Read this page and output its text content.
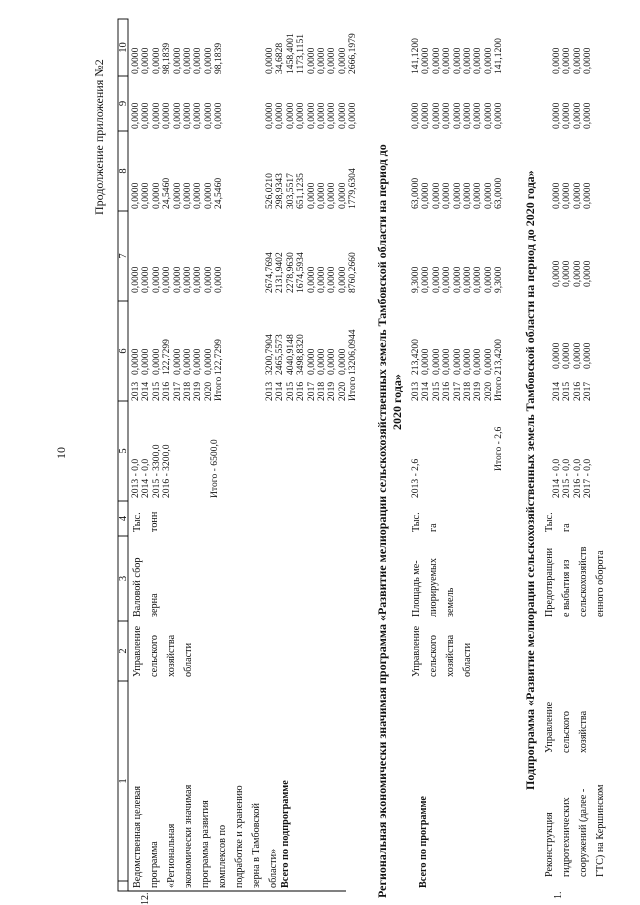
10
Продолжение приложения №2
1
2
3
4
5
6
7
8
9
10
12.
Ведомственная целевая
программа
«Региональная
экономически значимая
программа развития
комплексов по
подработке и хранению
зерна в Тамбовской
области»
Управление
сельского
хозяйства
области
Валовой сбор
зерна
Тыс.
тонн
2013 - 0,0
2014 - 0,0
2015 - 3300,0
2016 - 3200,0	Итого - 6500,0
2013
2014
2015
2016
2017
2018
2019
2020
Итого
0,0000
0,0000
0,0000
122,7299
0,0000
0,0000
0,0000
0,0000
122,7299
0,0000
0,0000
0,0000
0,0000
0,0000
0,0000
0,0000
0,0000
0,0000
0,0000
0,0000
0,0000
24,5460
0,0000
0,0000
0,0000
0,0000
24,5460
0,0000
0,0000
0,0000
0,0000
0,0000
0,0000
0,0000
0,0000
0,0000
0,0000
0,0000
0,0000
98,1839
0,0000
0,0000
0,0000
0,0000
98,1839
Всего по подпрограмме
2013
2014
2015
2016
2017
2018
2019
2020
Итого
3200,7904
2465,5573
4040,9148
3498,8320
0,0000
0,0000
0,0000
0,0000
13206,0944
2674,7694
2131,9402
2278,9630
1674,5934
0,0000
0,0000
0,0000
0,0000
8760,2660
526,0210
298,9343
303,5517
651,1235
0,0000
0,0000
0,0000
0,0000
1779,6304
0,0000
0,0000
0,0000
0,0000
0,0000
0,0000
0,0000
0,0000
0,0000
0,0000
34,6828
1458,4001
1173,1151
0,0000
0,0000
0,0000
0,0000
2666,1979
Региональная экономически значимая программа «Развитие мелиорации сельскохозяйственных земель Тамбовской области на период до 2020 года»
Всего по программе
Управление
сельского
хозяйства
области
Площадь ме-
лиорируемых
земель
Тыс.
га
2013 - 2,6
Итого - 2,6
2013
2014
2015
2016
2017
2018
2019
2020
Итого
213,4200
0,0000
0,0000
0,0000
0,0000
0,0000
0,0000
0,0000
213,4200
9,3000
0,0000
0,0000
0,0000
0,0000
0,0000
0,0000
0,0000
9,3000
63,0000
0,0000
0,0000
0,0000
0,0000
0,0000
0,0000
0,0000
63,0000
0,0000
0,0000
0,0000
0,0000
0,0000
0,0000
0,0000
0,0000
0,0000
141,1200
0,0000
0,0000
0,0000
0,0000
0,0000
0,0000
0,0000
141,1200
Подпрограмма «Развитие мелиорации сельскохозяйственных земель Тамбовской области на период до 2020 года»
1.
Реконструкция
гидротехнических
сооружений (далее -
ГТС) на Кершинском
Управление
сельского
хозяйства
Предотвращени
е выбытия из
сельскохозяйств
енного оборота
Тыс.
га
2014 - 0,0
2015 - 0,0
2016 - 0,0
2017 - 0,0
2014
2015
2016
2017
0,0000
0,0000
0,0000
0,0000
0,0000
0,0000
0,0000
0,0000
0,0000
0,0000
0,0000
0,0000
0,0000
0,0000
0,0000
0,0000
0,0000
0,0000
0,0000
0,0000
